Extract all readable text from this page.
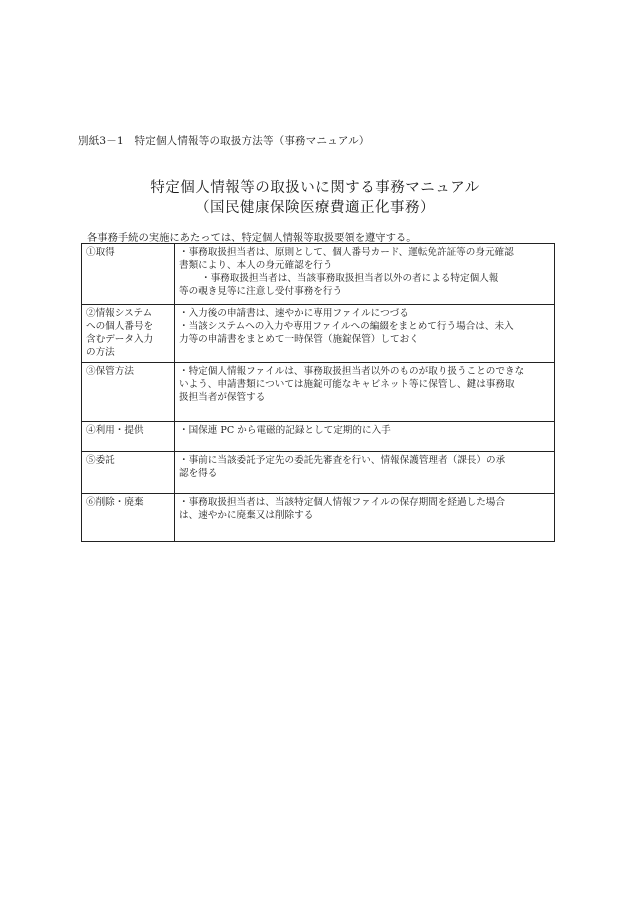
別紙3－1　特定個人情報等の取扱方法等（事務マニュアル）
特定個人情報等の取扱いに関する事務マニュアル
（国民健康保険医療費適正化事務）
各事務手続の実施にあたっては、特定個人情報等取扱要領を遵守する。
①取得	・事務取扱担当者は、原則として、個人番号カード、運転免許証等の身元確認
書類により、本人の身元確認を行う
・事務取扱担当者は、当該事務取扱担当者以外の者による特定個人報
等の覗き見等に注意し受付事務を行う

②情報システム
への個人番号を
含むデータ入力
の方法	・入力後の申請書は、速やかに専用ファイルにつづる
・当該システムへの入力や専用ファイルへの編綴をまとめて行う場合は、未入
力等の申請書をまとめて一時保管（施錠保管）しておく

③保管方法	・特定個人情報ファイルは、事務取扱担当者以外のものが取り扱うことのできな
いよう、申請書類については施錠可能なキャビネット等に保管し、鍵は事務取
扱担当者が保管する

④利用・提供	・国保連 PC から電磁的記録として定期的に入手

⑤委託	・事前に当該委託予定先の委託先審査を行い、情報保護管理者（課長）の承
認を得る

⑥削除・廃棄	・事務取扱担当者は、当該特定個人情報ファイルの保存期間を経過した場合
は、速やかに廃棄又は削除する
